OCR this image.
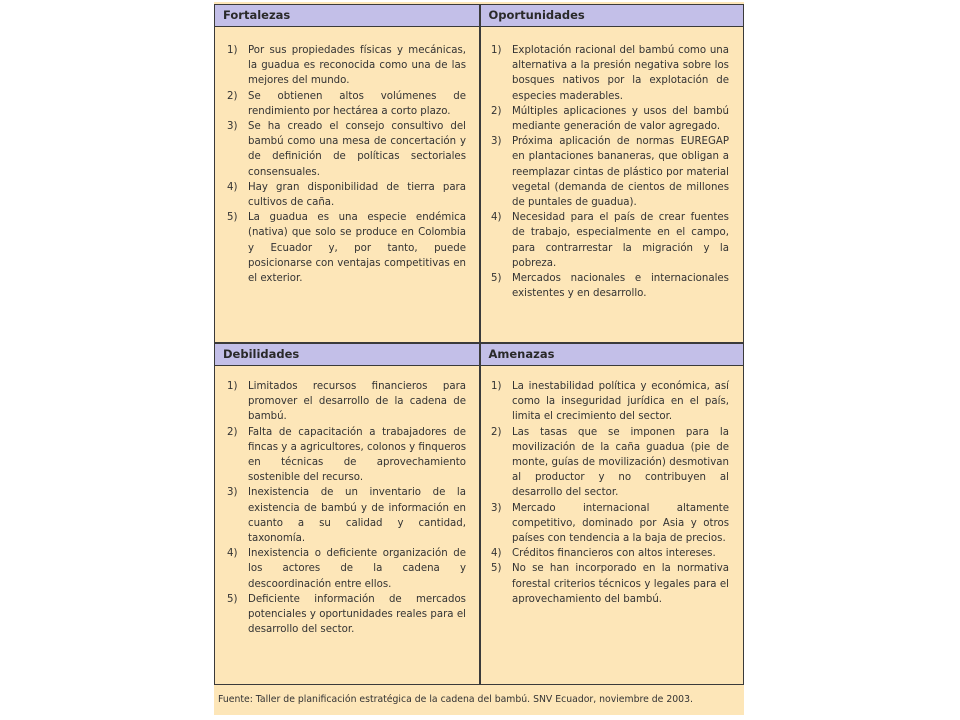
Fortalezas	Oportunidades
Debilidades	Amenazas
1) Por sus propiedades físicas y mecánicas, la guadua es reconocida como una de las mejores del mundo.
2) Se obtienen altos volúmenes de rendimiento por hectárea a corto plazo.
3) Se ha creado el consejo consultivo del bambú como una mesa de concertación y de definición de políticas sectoriales consensuales.
4) Hay gran disponibilidad de tierra para cultivos de caña.
5) La guadua es una especie endémica (nativa) que solo se produce en Colombia y Ecuador y, por tanto, puede posicionarse con ventajas competitivas en el exterior.
1) Explotación racional del bambú como una alternativa a la presión negativa sobre los bosques nativos por la explotación de especies maderables.
2) Múltiples aplicaciones y usos del bambú mediante generación de valor agregado.
3) Próxima aplicación de normas EUREGAP en plantaciones bananeras, que obligan a reemplazar cintas de plástico por material vegetal (demanda de cientos de millones de puntales de guadua).
4) Necesidad para el país de crear fuentes de trabajo, especialmente en el campo, para contrarrestar la migración y la pobreza.
5) Mercados nacionales e internacionales existentes y en desarrollo.
1) Limitados recursos financieros para promover el desarrollo de la cadena de bambú.
2) Falta de capacitación a trabajadores de fincas y a agricultores, colonos y finqueros en técnicas de aprovechamiento sostenible del recurso.
3) Inexistencia de un inventario de la existencia de bambú y de información en cuanto a su calidad y cantidad, taxonomía.
4) Inexistencia o deficiente organización de los actores de la cadena y descoordinación entre ellos.
5) Deficiente información de mercados potenciales y oportunidades reales para el desarrollo del sector.
1) La inestabilidad política y económica, así como la inseguridad jurídica en el país, limita el crecimiento del sector.
2) Las tasas que se imponen para la movilización de la caña guadua (pie de monte, guías de movilización) desmotivan al productor y no contribuyen al desarrollo del sector.
3) Mercado internacional altamente competitivo, dominado por Asia y otros países con tendencia a la baja de precios.
4) Créditos financieros con altos intereses.
5) No se han incorporado en la normativa forestal criterios técnicos y legales para el aprovechamiento del bambú.
Fuente: Taller de planificación estratégica de la cadena del bambú. SNV Ecuador, noviembre de 2003.
